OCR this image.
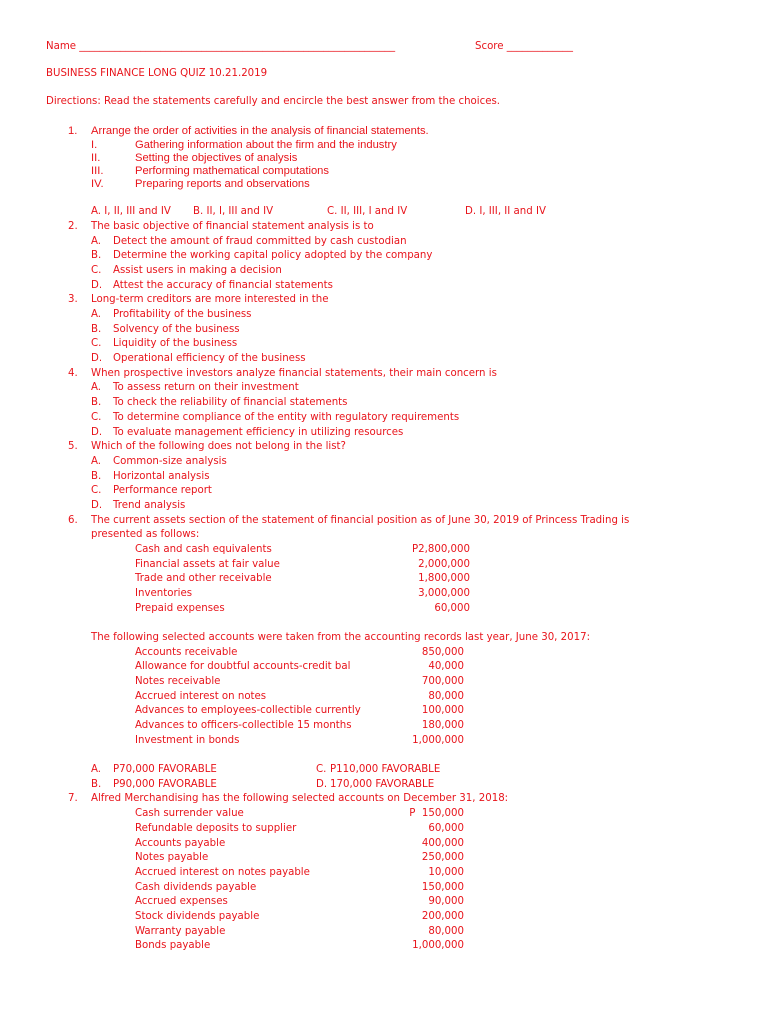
Name ______________________________________________________________	Score _____________
BUSINESS FINANCE LONG QUIZ 10.21.2019
Directions: Read the statements carefully and encircle the best answer from the choices.
1. Arrange the order of activities in the analysis of financial statements.
I.	Gathering information about the firm and the industry
II.	Setting the objectives of analysis
III.	Performing mathematical computations
IV.	Preparing reports and observations
A. I, II, III and IV B. II, I, III and IV	C. II, III, I and IV	D. I, III, II and IV
2. The basic objective of financial statement analysis is to
A. Detect the amount of fraud committed by cash custodian
B. Determine the working capital policy adopted by the company
C. Assist users in making a decision
D. Attest the accuracy of financial statements
3. Long-term creditors are more interested in the
A. Profitability of the business
B. Solvency of the business
C. Liquidity of the business
D. Operational efficiency of the business
4. When prospective investors analyze financial statements, their main concern is
A. To assess return on their investment
B. To check the reliability of financial statements
C. To determine compliance of the entity with regulatory requirements
D. To evaluate management efficiency in utilizing resources
5. Which of the following does not belong in the list?
A. Common-size analysis
B. Horizontal analysis
C. Performance report
D. Trend analysis
6. The current assets section of the statement of financial position as of June 30, 2019 of Princess Trading is
presented as follows:
Cash and cash equivalents	P2,800,000
Financial assets at fair value	2,000,000
Trade and other receivable	1,800,000
Inventories	3,000,000
Prepaid expenses	60,000
The following selected accounts were taken from the accounting records last year, June 30, 2017:
Accounts receivable	850,000
Allowance for doubtful accounts-credit bal	40,000
Notes receivable	700,000
Accrued interest on notes	80,000
Advances to employees-collectible currently	100,000
Advances to officers-collectible 15 months	180,000
Investment in bonds	1,000,000
A. P70,000 FAVORABLE	C. P110,000 FAVORABLE
B. P90,000 FAVORABLE	D. 170,000 FAVORABLE
7. Alfred Merchandising has the following selected accounts on December 31, 2018:
Cash surrender value	P  150,000
Refundable deposits to supplier	60,000
Accounts payable	400,000
Notes payable	250,000
Accrued interest on notes payable	10,000
Cash dividends payable	150,000
Accrued expenses	90,000
Stock dividends payable	200,000
Warranty payable	80,000
Bonds payable	1,000,000
